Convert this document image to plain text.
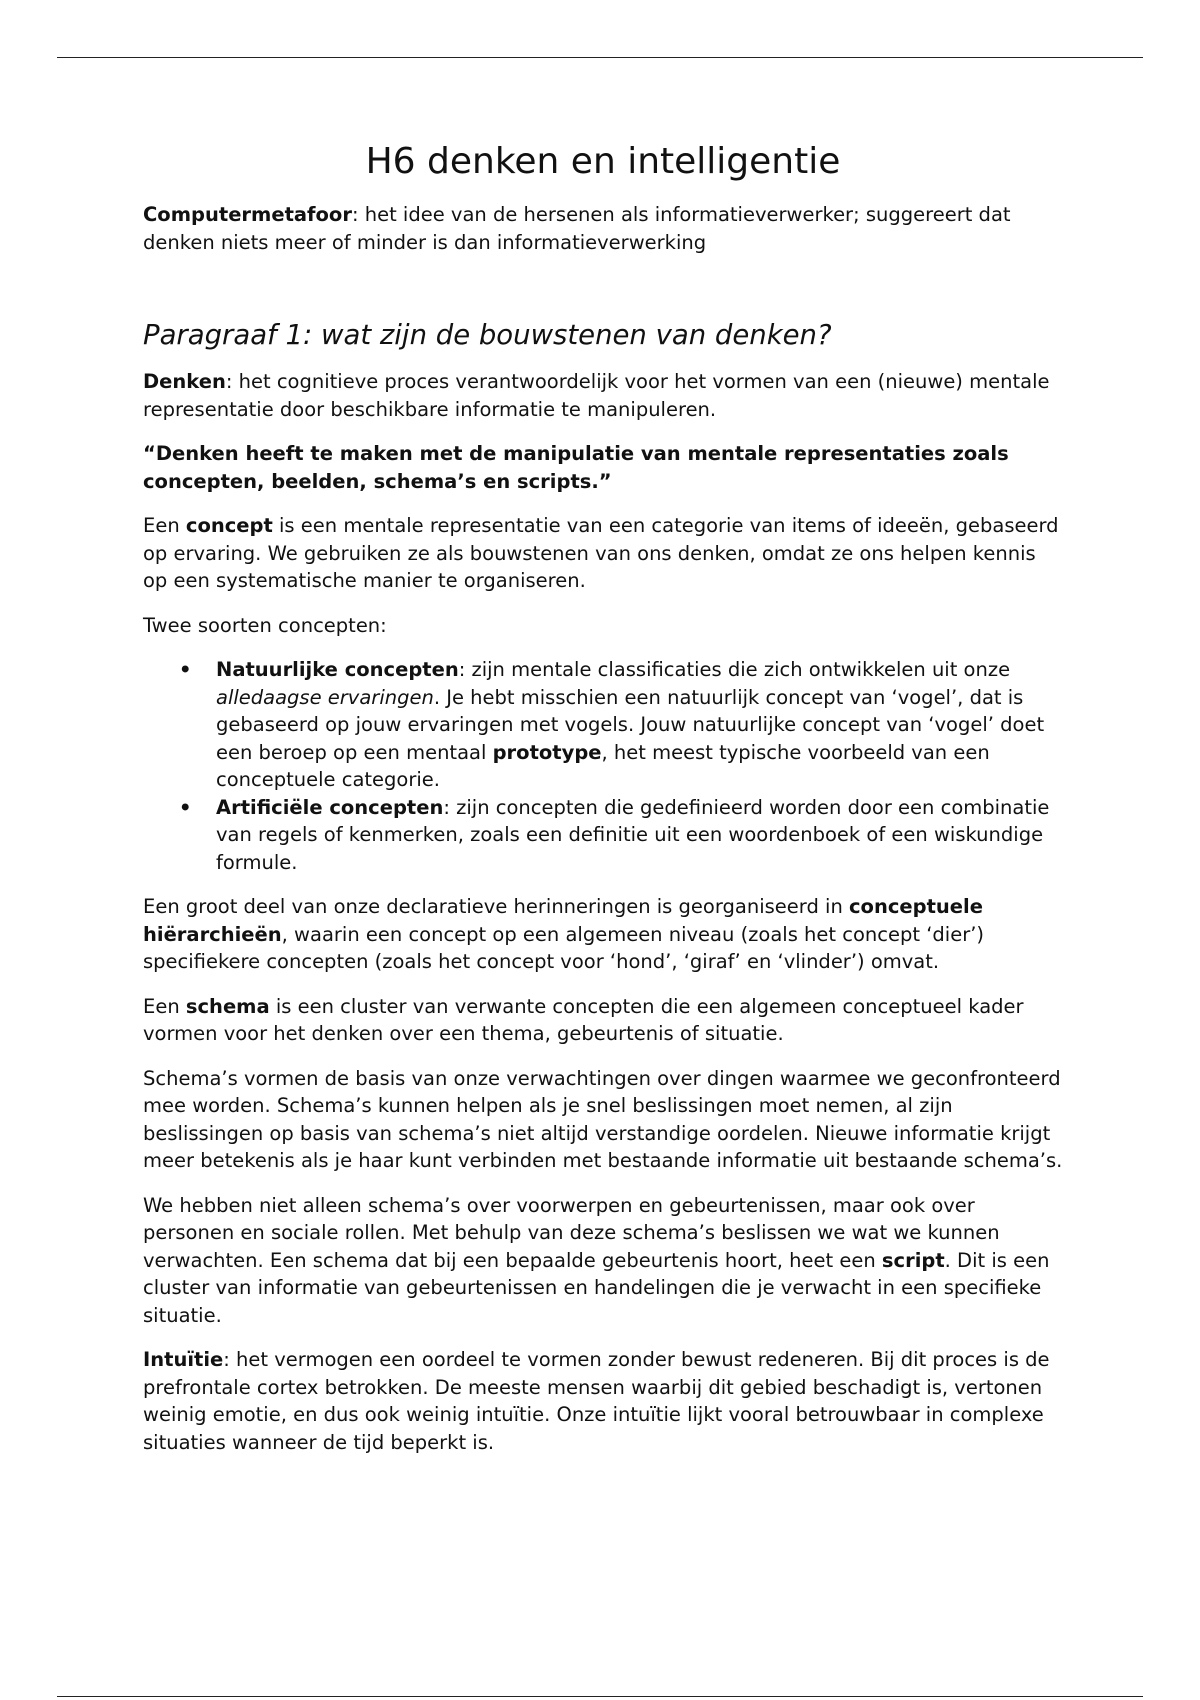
H6 denken en intelligentie

Computermetafoor: het idee van de hersenen als informatieverwerker; suggereert dat denken niets meer of minder is dan informatieverwerking

Paragraaf 1: wat zijn de bouwstenen van denken?

Denken: het cognitieve proces verantwoordelijk voor het vormen van een (nieuwe) mentale representatie door beschikbare informatie te manipuleren.

“Denken heeft te maken met de manipulatie van mentale representaties zoals concepten, beelden, schema’s en scripts.”

Een concept is een mentale representatie van een categorie van items of ideeën, gebaseerd op ervaring. We gebruiken ze als bouwstenen van ons denken, omdat ze ons helpen kennis op een systematische manier te organiseren.

Twee soorten concepten:

• Natuurlijke concepten: zijn mentale classificaties die zich ontwikkelen uit onze alledaagse ervaringen. Je hebt misschien een natuurlijk concept van ‘vogel’, dat is gebaseerd op jouw ervaringen met vogels. Jouw natuurlijke concept van ‘vogel’ doet een beroep op een mentaal prototype, het meest typische voorbeeld van een conceptuele categorie.
• Artificiële concepten: zijn concepten die gedefinieerd worden door een combinatie van regels of kenmerken, zoals een definitie uit een woordenboek of een wiskundige formule.

Een groot deel van onze declaratieve herinneringen is georganiseerd in conceptuele hiërarchieën, waarin een concept op een algemeen niveau (zoals het concept ‘dier’) specifiekere concepten (zoals het concept voor ‘hond’, ‘giraf’ en ‘vlinder’) omvat.

Een schema is een cluster van verwante concepten die een algemeen conceptueel kader vormen voor het denken over een thema, gebeurtenis of situatie.

Schema’s vormen de basis van onze verwachtingen over dingen waarmee we geconfronteerd mee worden. Schema’s kunnen helpen als je snel beslissingen moet nemen, al zijn beslissingen op basis van schema’s niet altijd verstandige oordelen. Nieuwe informatie krijgt meer betekenis als je haar kunt verbinden met bestaande informatie uit bestaande schema’s.

We hebben niet alleen schema’s over voorwerpen en gebeurtenissen, maar ook over personen en sociale rollen. Met behulp van deze schema’s beslissen we wat we kunnen verwachten. Een schema dat bij een bepaalde gebeurtenis hoort, heet een script. Dit is een cluster van informatie van gebeurtenissen en handelingen die je verwacht in een specifieke situatie.

Intuïtie: het vermogen een oordeel te vormen zonder bewust redeneren. Bij dit proces is de prefrontale cortex betrokken. De meeste mensen waarbij dit gebied beschadigt is, vertonen weinig emotie, en dus ook weinig intuïtie. Onze intuïtie lijkt vooral betrouwbaar in complexe situaties wanneer de tijd beperkt is.
